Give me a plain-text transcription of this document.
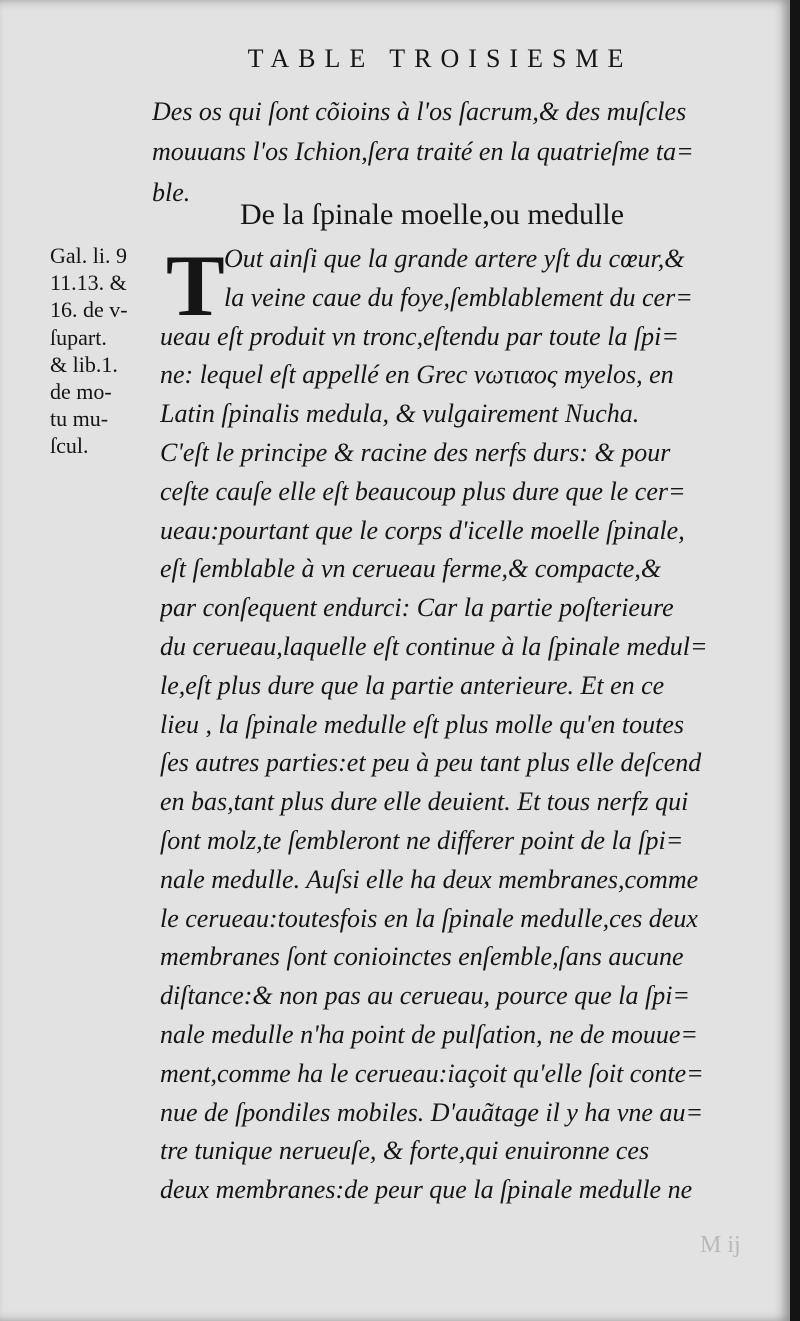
TABLE TROISIESME
Des os qui ſont cõioins à l'os ſacrum,& des muſcles
mouuans l'os Ichion,ſera traité en la quatrieſme ta=
ble.
De la ſpinale moelle,ou medulle
Gal. li. 9
11.13. &
16. de v-
ſupart.
& lib.1.
de mo-
tu mu-
ſcul.
T Out ainſi que la grande artere yſt du cœur,&
la veine caue du foye,ſemblablement du cer=
ueau eſt produit vn tronc,eſtendu par toute la ſpi=
ne: lequel eſt appellé en Grec νωτιαος myelos, en
Latin ſpinalis medula, & vulgairement Nucha.
C'eſt le principe & racine des nerfs durs: & pour
ceſte cauſe elle eſt beaucoup plus dure que le cer=
ueau:pourtant que le corps d'icelle moelle ſpinale,
eſt ſemblable à vn cerueau ferme,& compacte,&
par conſequent endurci: Car la partie poſterieure
du cerueau,laquelle eſt continue à la ſpinale medul=
le,eſt plus dure que la partie anterieure. Et en ce
lieu , la ſpinale medulle eſt plus molle qu'en toutes
ſes autres parties:et peu à peu tant plus elle deſcend
en bas,tant plus dure elle deuient. Et tous nerfz qui
ſont molz,te ſembleront ne differer point de la ſpi=
nale medulle. Auſsi elle ha deux membranes,comme
le cerueau:toutesfois en la ſpinale medulle,ces deux
membranes ſont conioinctes enſemble,ſans aucune
diſtance:& non pas au cerueau, pource que la ſpi=
nale medulle n'ha point de pulſation, ne de mouue=
ment,comme ha le cerueau:iaçoit qu'elle ſoit conte=
nue de ſpondiles mobiles. D'auãtage il y ha vne au=
tre tunique nerueuſe, & forte,qui enuironne ces
deux membranes:de peur que la ſpinale medulle ne
M ij
